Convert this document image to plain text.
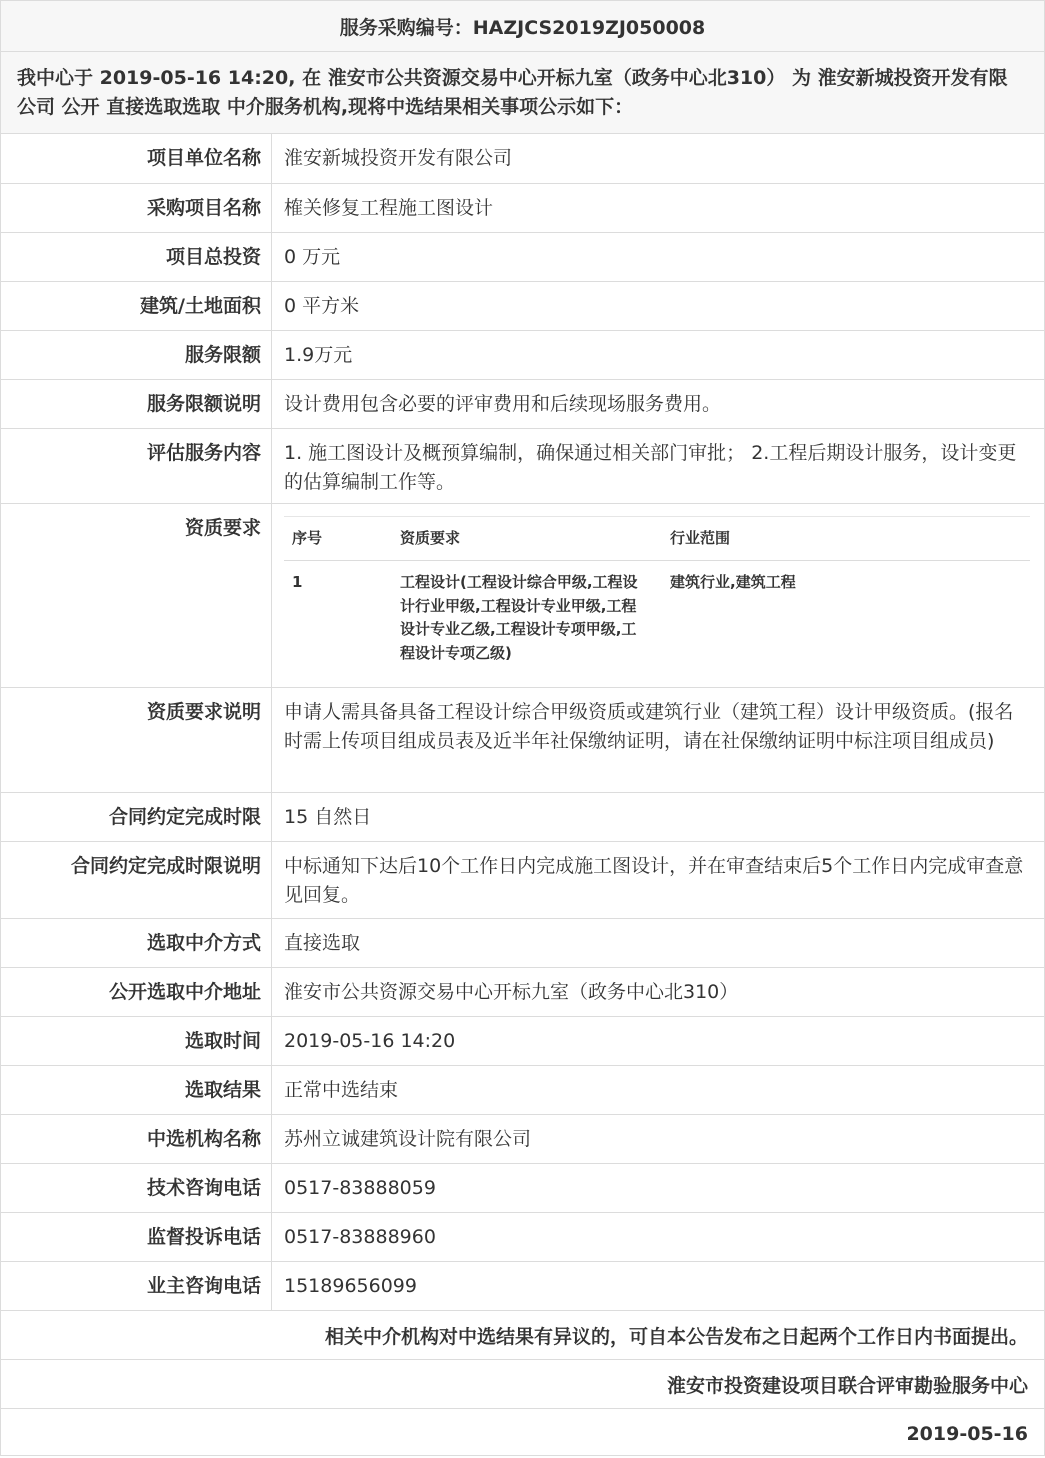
服务采购编号：HAZJCS2019ZJ050008
我中心于 2019-05-16 14:20, 在 淮安市公共资源交易中心开标九室（政务中心北310） 为 淮安新城投资开发有限公司 公开 直接选取选取 中介服务机构,现将中选结果相关事项公示如下：
项目单位名称	淮安新城投资开发有限公司
采购项目名称	榷关修复工程施工图设计
项目总投资	0 万元
建筑/土地面积	0 平方米
服务限额	1.9万元
服务限额说明	设计费用包含必要的评审费用和后续现场服务费用。
评估服务内容	1. 施工图设计及概预算编制，确保通过相关部门审批； 2.工程后期设计服务，设计变更的估算编制工作等。
资质要求	序号	资质要求	行业范围
1	工程设计(工程设计综合甲级,工程设计行业甲级,工程设计专业甲级,工程设计专业乙级,工程设计专项甲级,工程设计专项乙级)	建筑行业,建筑工程
资质要求说明	申请人需具备具备工程设计综合甲级资质或建筑行业（建筑工程）设计甲级资质。(报名时需上传项目组成员表及近半年社保缴纳证明，请在社保缴纳证明中标注项目组成员)
合同约定完成时限	15 自然日
合同约定完成时限说明	中标通知下达后10个工作日内完成施工图设计，并在审查结束后5个工作日内完成审查意见回复。
选取中介方式	直接选取
公开选取中介地址	淮安市公共资源交易中心开标九室（政务中心北310）
选取时间	2019-05-16 14:20
选取结果	正常中选结束
中选机构名称	苏州立诚建筑设计院有限公司
技术咨询电话	0517-83888059
监督投诉电话	0517-83888960
业主咨询电话	15189656099
相关中介机构对中选结果有异议的，可自本公告发布之日起两个工作日内书面提出。
淮安市投资建设项目联合评审勘验服务中心
2019-05-16
